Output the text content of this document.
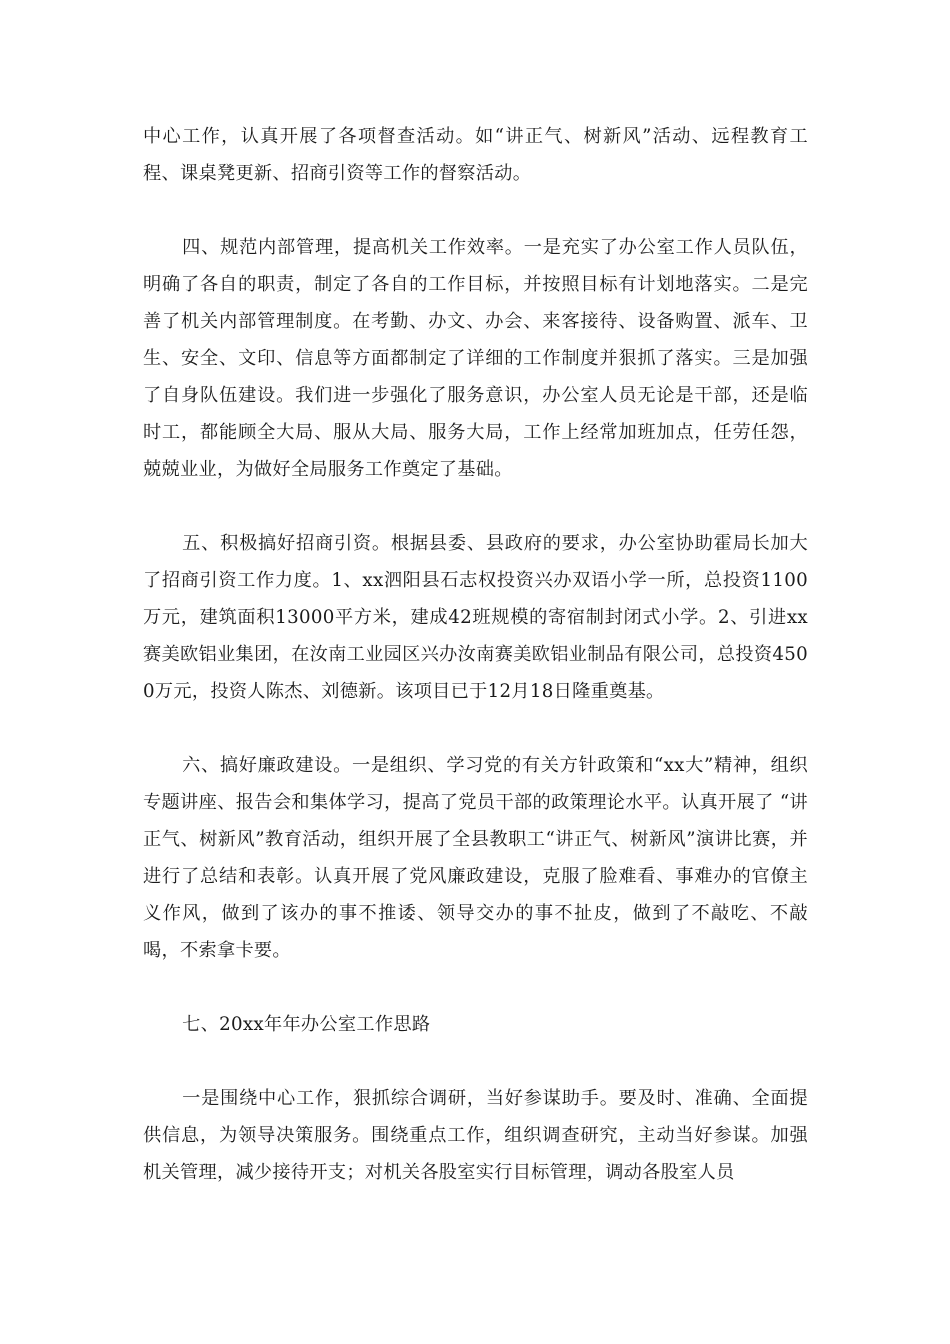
中心工作，认真开展了各项督查活动。如“讲正气、树新风”活动、远程教育工程、课桌凳更新、招商引资等工作的督察活动。

四、规范内部管理，提高机关工作效率。一是充实了办公室工作人员队伍，明确了各自的职责，制定了各自的工作目标，并按照目标有计划地落实。二是完善了机关内部管理制度。在考勤、办文、办会、来客接待、设备购置、派车、卫生、安全、文印、信息等方面都制定了详细的工作制度并狠抓了落实。三是加强了自身队伍建设。我们进一步强化了服务意识，办公室人员无论是干部，还是临时工，都能顾全大局、服从大局、服务大局，工作上经常加班加点，任劳任怨，兢兢业业，为做好全局服务工作奠定了基础。

五、积极搞好招商引资。根据县委、县政府的要求，办公室协助霍局长加大了招商引资工作力度。1、xx泗阳县石志权投资兴办双语小学一所，总投资1100万元，建筑面积13000平方米，建成42班规模的寄宿制封闭式小学。2、引进xx赛美欧铝业集团，在汝南工业园区兴办汝南赛美欧铝业制品有限公司，总投资4500万元，投资人陈杰、刘德新。该项目已于12月18日隆重奠基。

六、搞好廉政建设。一是组织、学习党的有关方针政策和“xx大”精神，组织专题讲座、报告会和集体学习，提高了党员干部的政策理论水平。认真开展了 “讲正气、树新风”教育活动，组织开展了全县教职工“讲正气、树新风”演讲比赛，并进行了总结和表彰。认真开展了党风廉政建设，克服了脸难看、事难办的官僚主义作风，做到了该办的事不推诿、领导交办的事不扯皮，做到了不敲吃、不敲喝，不索拿卡要。

七、20xx年年办公室工作思路

一是围绕中心工作，狠抓综合调研，当好参谋助手。要及时、准确、全面提供信息，为领导决策服务。围绕重点工作，组织调查研究，主动当好参谋。加强机关管理，减少接待开支；对机关各股室实行目标管理，调动各股室人员
